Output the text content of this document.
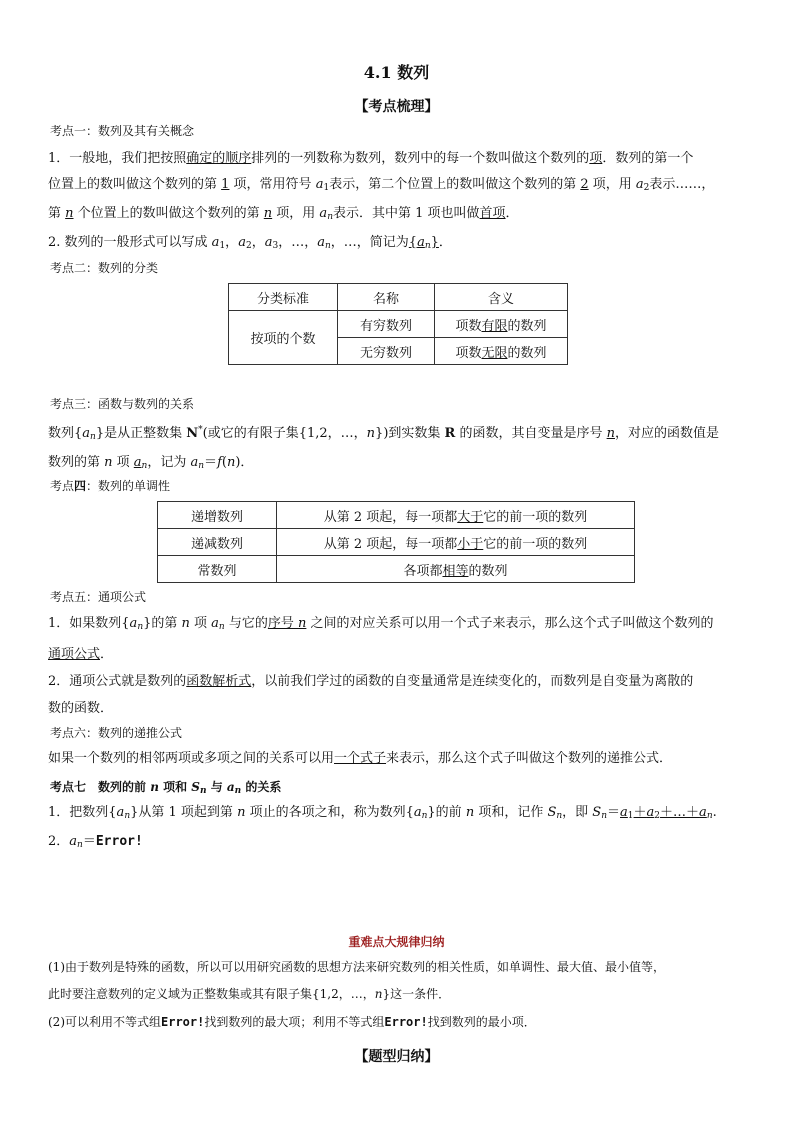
4.1 数列
【考点梳理】
考点一：数列及其有关概念
1．一般地，我们把按照确定的顺序排列的一列数称为数列，数列中的每一个数叫做这个数列的项．数列的第一个
位置上的数叫做这个数列的第 1 项，常用符号 $a_1$表示，第二个位置上的数叫做这个数列的第 2 项，用 $a_2$表示……，
第 n 个位置上的数叫做这个数列的第 n 项，用 $a_n$表示．其中第 1 项也叫做首项．
2. 数列的一般形式可以写成 $a_1$，$a_2$，$a_3$，…，$a_n$，…，简记为$\{a_n\}$．
考点二：数列的分类
分类标准	名称	含义
按项的个数	有穷数列	项数有限的数列
	无穷数列	项数无限的数列
考点三：函数与数列的关系
数列$\{a_n\}$是从正整数集 N*(或它的有限子集{1,2，…，n})到实数集 R 的函数，其自变量是序号 n，对应的函数值是
数列的第 n 项 $a_n$，记为 $a_n=f(n)$．
考点四：数列的单调性
递增数列	从第 2 项起，每一项都大于它的前一项的数列
递减数列	从第 2 项起，每一项都小于它的前一项的数列
常数列	各项都相等的数列
考点五：通项公式
1．如果数列$\{a_n\}$的第 n 项 $a_n$ 与它的序号 n 之间的对应关系可以用一个式子来表示，那么这个式子叫做这个数列的
通项公式．
2．通项公式就是数列的函数解析式，以前我们学过的函数的自变量通常是连续变化的，而数列是自变量为离散的
数的函数．
考点六：数列的递推公式
如果一个数列的相邻两项或多项之间的关系可以用一个式子来表示，那么这个式子叫做这个数列的递推公式．
考点七　数列的前 n 项和 $S_n$ 与 $a_n$ 的关系
1．把数列$\{a_n\}$从第 1 项起到第 n 项止的各项之和，称为数列$\{a_n\}$的前 n 项和，记作 $S_n$，即 $S_n=a_1+a_2+\dots+a_n$.
2．$a_n=Error$!
重难点大规律归纳
(1)由于数列是特殊的函数，所以可以用研究函数的思想方法来研究数列的相关性质，如单调性、最大值、最小值等，
此时要注意数列的定义域为正整数集或其有限子集{1,2，…，n}这一条件．
(2)可以利用不等式组Error!找到数列的最大项；利用不等式组Error!找到数列的最小项．
【题型归纳】
